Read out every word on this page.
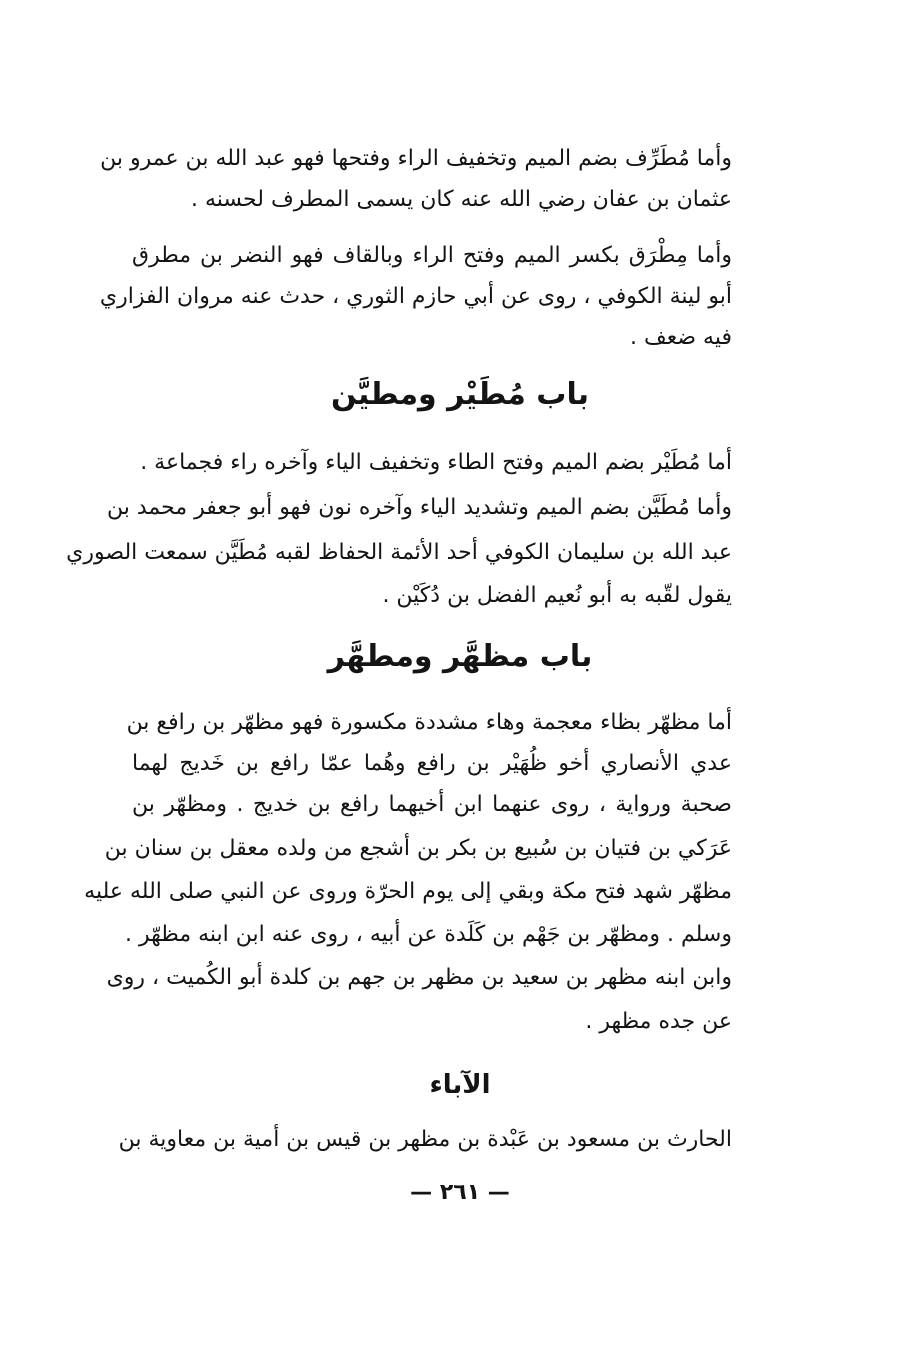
وأما مُطَرِّف بضم الميم وتخفيف الراء وفتحها فهو عبد الله بن عمرو بن
عثمان بن عفان رضي الله عنه كان يسمى المطرف لحسنه .
وأما مِطْرَق بكسر الميم وفتح الراء وبالقاف فهو النضر بن مطرق
أبو لينة الكوفي ، روى عن أبي حازم الثوري ، حدث عنه مروان الفزاري
فيه ضعف .
باب مُطَيْر ومطيَّن
أما مُطَيْر بضم الميم وفتح الطاء وتخفيف الياء وآخره راء فجماعة .
وأما مُطَيَّن بضم الميم وتشديد الياء وآخره نون فهو أبو جعفر محمد بن
عبد الله بن سليمان الكوفي أحد الأئمة الحفاظ لقبه مُطَيَّن سمعت الصوري
يقول لقّبه به أبو نُعيم الفضل بن دُكَيْن .
باب مظهَّر ومطهَّر
أما مظهّر بظاء معجمة وهاء مشددة مكسورة فهو مظهّر بن رافع بن
عدي الأنصاري أخو ظُهَيْر بن رافع وهُما عمّا رافع بن خَديج لهما
صحبة ورواية ، روى عنهما ابن أخيهما رافع بن خديج . ومظهّر بن
عَرَكي بن فتيان بن سُبيع بن بكر بن أشجع من ولده معقل بن سنان بن
مظهّر شهد فتح مكة وبقي إلى يوم الحرّة وروى عن النبي صلى الله عليه
وسلم . ومظهّر بن جَهْم بن كَلَدة عن أبيه ، روى عنه ابن ابنه مظهّر .
وابن ابنه مظهر بن سعيد بن مظهر بن جهم بن كلدة أبو الكُميت ، روى
عن جده مظهر .
الآباء
الحارث بن مسعود بن عَبْدة بن مظهر بن قيس بن أمية بن معاوية بن
— ٢٦١ —
